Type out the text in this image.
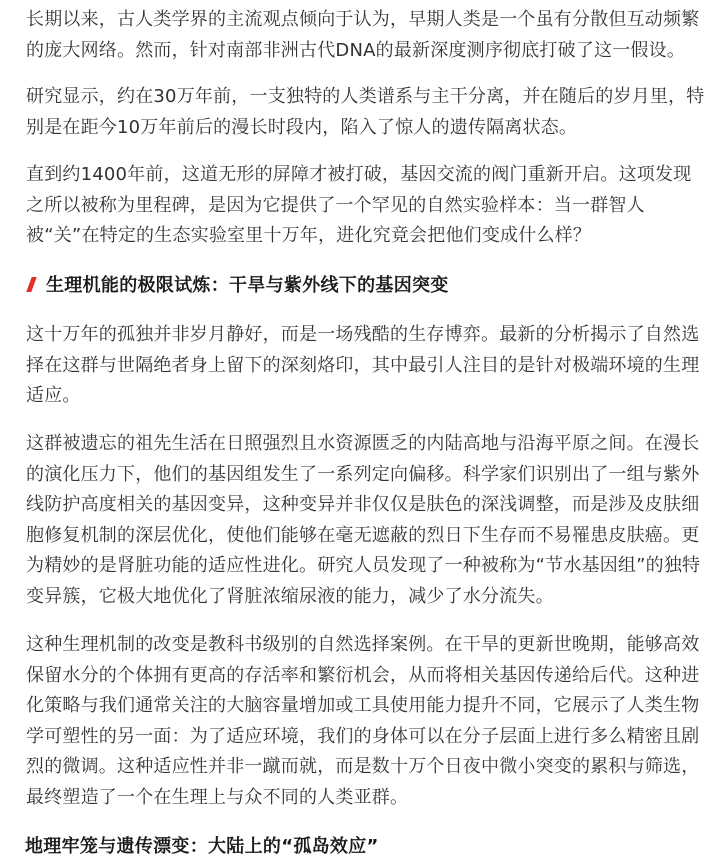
长期以来，古人类学界的主流观点倾向于认为，早期人类是一个虽有分散但互动频繁的庞大网络。然而，针对南部非洲古代DNA的最新深度测序彻底打破了这一假设。

研究显示，约在30万年前，一支独特的人类谱系与主干分离，并在随后的岁月里，特别是在距今10万年前后的漫长时段内，陷入了惊人的遗传隔离状态。

直到约1400年前，这道无形的屏障才被打破，基因交流的阀门重新开启。这项发现之所以被称为里程碑，是因为它提供了一个罕见的自然实验样本：当一群智人被“关”在特定的生态实验室里十万年，进化究竟会把他们变成什么样？

生理机能的极限试炼：干旱与紫外线下的基因突变

这十万年的孤独并非岁月静好，而是一场残酷的生存博弈。最新的分析揭示了自然选择在这群与世隔绝者身上留下的深刻烙印，其中最引人注目的是针对极端环境的生理适应。

这群被遗忘的祖先生活在日照强烈且水资源匮乏的内陆高地与沿海平原之间。在漫长的演化压力下，他们的基因组发生了一系列定向偏移。科学家们识别出了一组与紫外线防护高度相关的基因变异，这种变异并非仅仅是肤色的深浅调整，而是涉及皮肤细胞修复机制的深层优化，使他们能够在毫无遮蔽的烈日下生存而不易罹患皮肤癌。更为精妙的是肾脏功能的适应性进化。研究人员发现了一种被称为“节水基因组”的独特变异簇，它极大地优化了肾脏浓缩尿液的能力，减少了水分流失。

这种生理机制的改变是教科书级别的自然选择案例。在干旱的更新世晚期，能够高效保留水分的个体拥有更高的存活率和繁衍机会，从而将相关基因传递给后代。这种进化策略与我们通常关注的大脑容量增加或工具使用能力提升不同，它展示了人类生物学可塑性的另一面：为了适应环境，我们的身体可以在分子层面上进行多么精密且剧烈的微调。这种适应性并非一蹴而就，而是数十万个日夜中微小突变的累积与筛选，最终塑造了一个在生理上与众不同的人类亚群。

地理牢笼与遗传漂变：大陆上的“孤岛效应”
